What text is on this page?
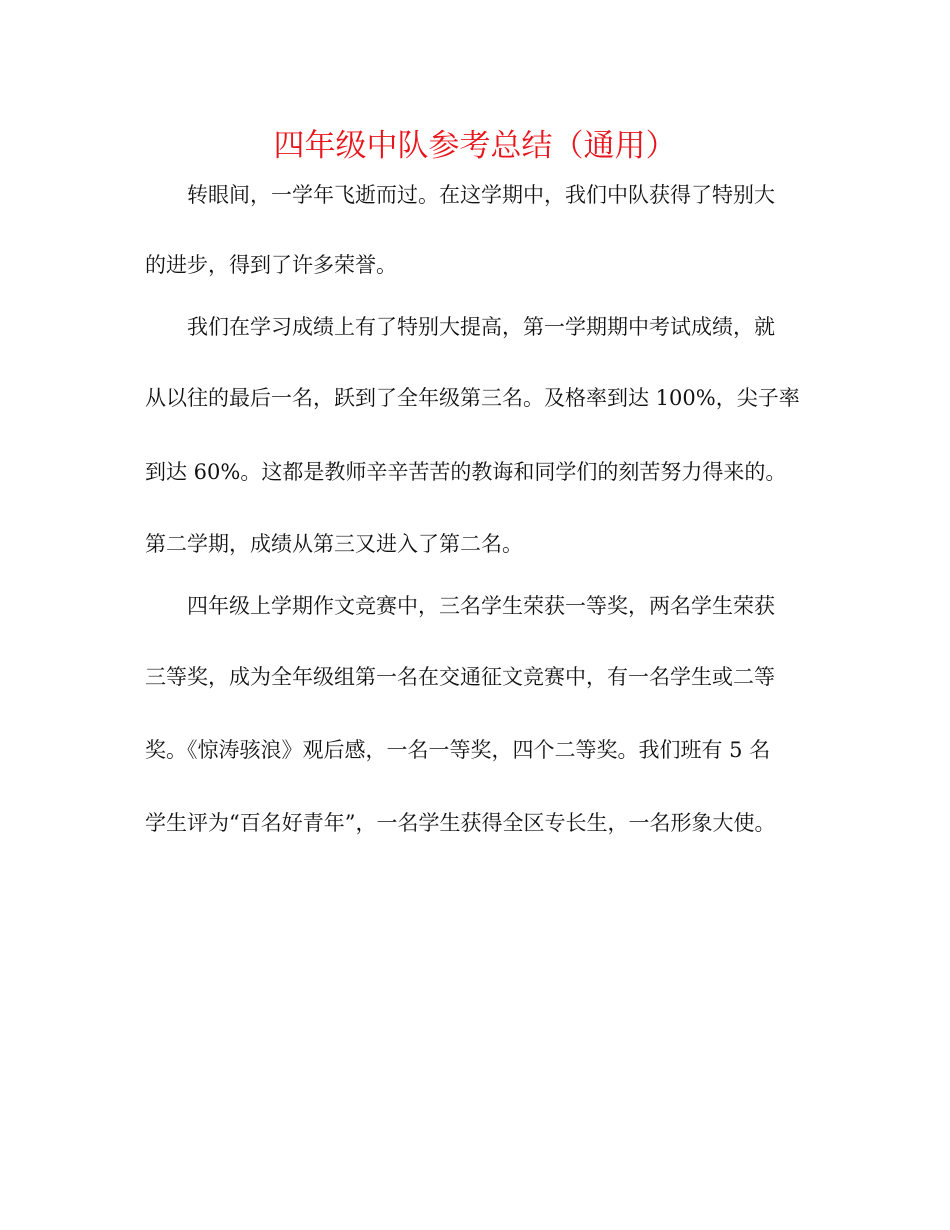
四年级中队参考总结（通用）
转眼间，一学年飞逝而过。在这学期中，我们中队获得了特别大
的进步，得到了许多荣誉。
我们在学习成绩上有了特别大提高，第一学期期中考试成绩，就
从以往的最后一名，跃到了全年级第三名。及格率到达 100%，尖子率
到达 60%。这都是教师辛辛苦苦的教诲和同学们的刻苦努力得来的。
第二学期，成绩从第三又进入了第二名。
四年级上学期作文竞赛中，三名学生荣获一等奖，两名学生荣获
三等奖，成为全年级组第一名在交通征文竞赛中，有一名学生或二等
奖。《惊涛骇浪》观后感，一名一等奖，四个二等奖。我们班有 5 名
学生评为“百名好青年”，一名学生获得全区专长生，一名形象大使。
